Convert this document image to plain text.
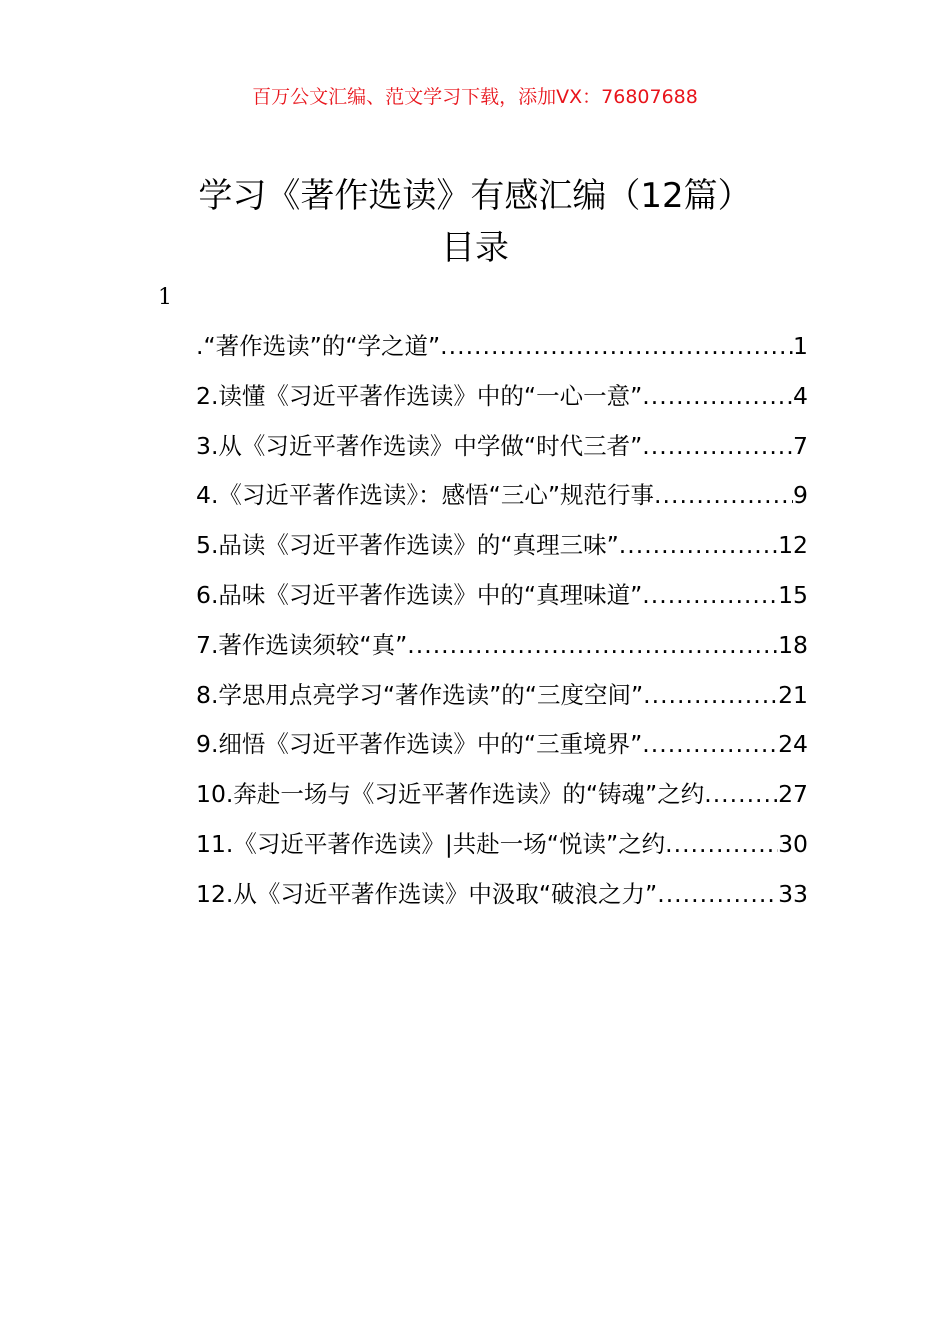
百万公文汇编、范文学习下载，添加VX：76807688
学习《著作选读》有感汇编（12篇）
目录
1
.“著作选读”的“学之道” .....	1
2.读懂《习近平著作选读》中的“一心一意” .....	4
3.从《习近平著作选读》中学做“时代三者” .....	7
4.《习近平著作选读》：感悟“三心”规范行事 .....	9
5.品读《习近平著作选读》的“真理三味” .....	12
6.品味《习近平著作选读》中的“真理味道” .....	15
7.著作选读须较“真” .....	18
8.学思用点亮学习“著作选读”的“三度空间” .....	21
9.细悟《习近平著作选读》中的“三重境界” .....	24
10.奔赴一场与《习近平著作选读》的“铸魂”之约 .....	27
11.《习近平著作选读》|共赴一场“悦读”之约 .....	30
12.从《习近平著作选读》中汲取“破浪之力” .....	33
